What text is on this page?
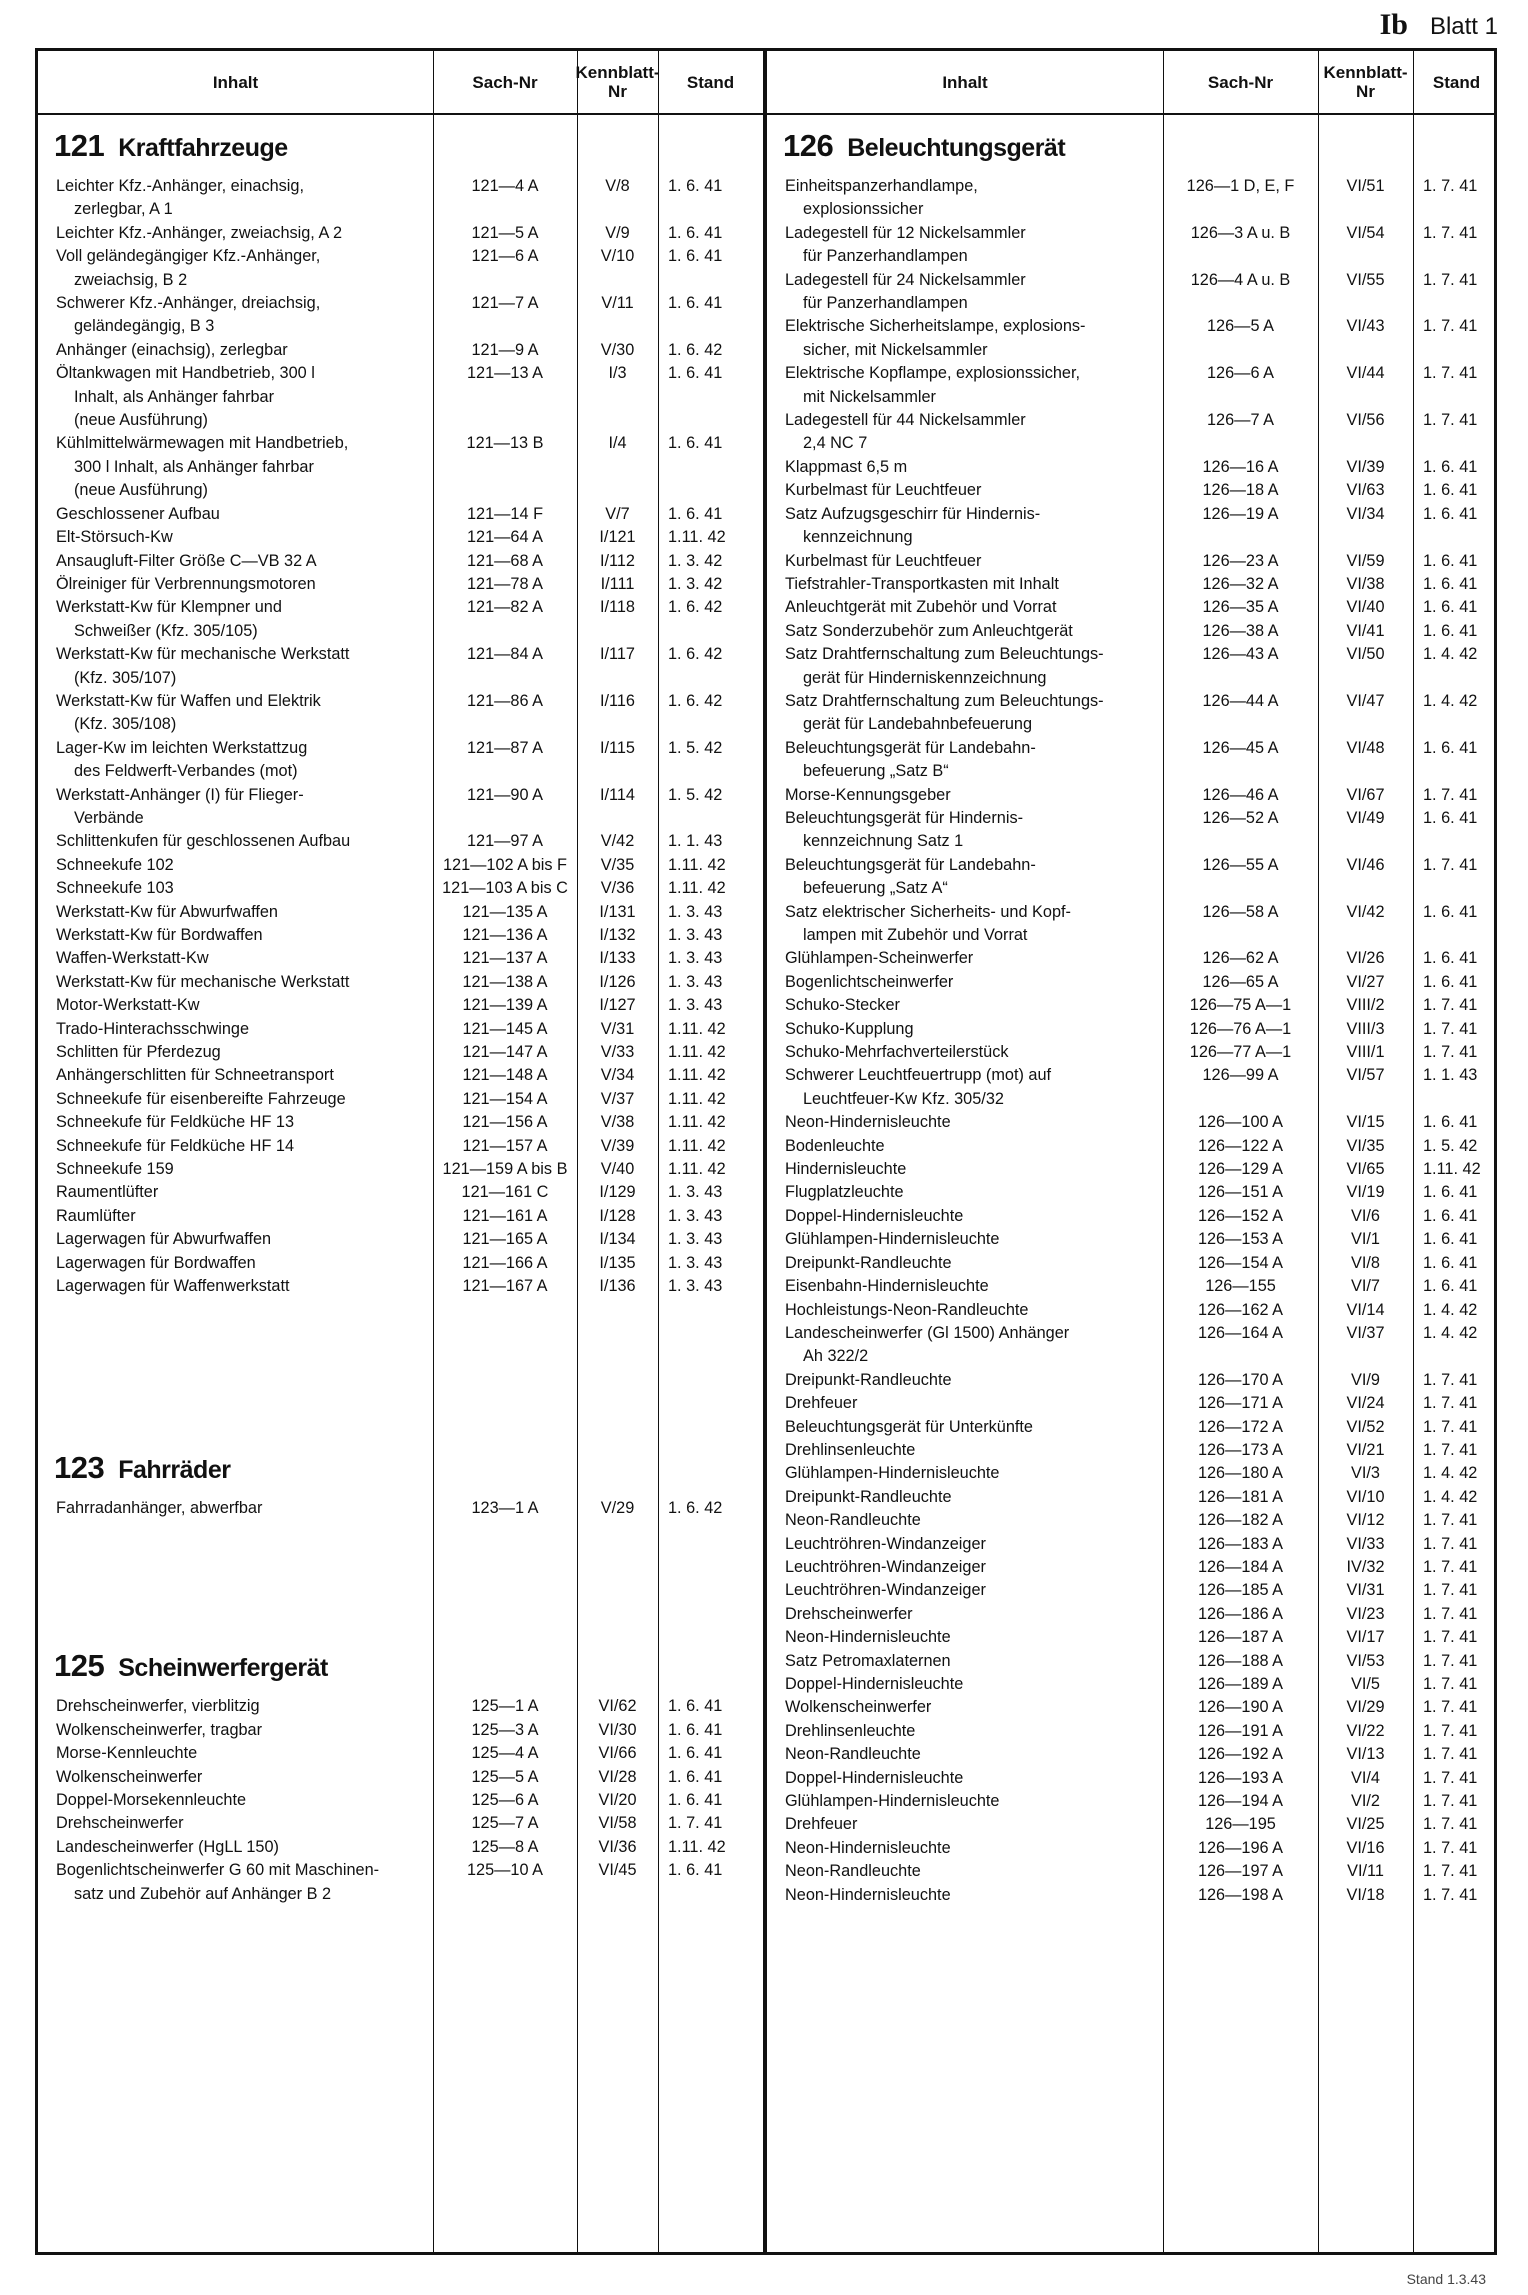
Ib Blatt 1
Inhalt	Sach-Nr	Kennblatt-Nr	Stand	Inhalt	Sach-Nr	Kennblatt-Nr	Stand
121 Kraftfahrzeuge
Leichter Kfz.-Anhänger, einachsig,
zerlegbar, A 1
121—4 A	V/8	1. 6. 41
Leichter Kfz.-Anhänger, zweiachsig, A 2	121—5 A	V/9	1. 6. 41
Voll geländegängiger Kfz.-Anhänger,
zweiachsig, B 2
121—6 A	V/10	1. 6. 41
Schwerer Kfz.-Anhänger, dreiachsig,
geländegängig, B 3
121—7 A	V/11	1. 6. 41
Anhänger (einachsig), zerlegbar	121—9 A	V/30	1. 6. 42
Öltankwagen mit Handbetrieb, 300 l
Inhalt, als Anhänger fahrbar
(neue Ausführung)
121—13 A	I/3	1. 6. 41
Kühlmittelwärmewagen mit Handbetrieb,
300 l Inhalt, als Anhänger fahrbar
(neue Ausführung)
121—13 B	I/4	1. 6. 41
Geschlossener Aufbau	121—14 F	V/7	1. 6. 41
Elt-Störsuch-Kw	121—64 A	I/121	1.11. 42
Ansaugluft-Filter Größe C—VB 32 A	121—68 A	I/112	1. 3. 42
Ölreiniger für Verbrennungsmotoren	121—78 A	I/111	1. 3. 42
Werkstatt-Kw für Klempner und
Schweißer (Kfz. 305/105)
121—82 A	I/118	1. 6. 42
Werkstatt-Kw für mechanische Werkstatt
(Kfz. 305/107)
121—84 A	I/117	1. 6. 42
Werkstatt-Kw für Waffen und Elektrik
(Kfz. 305/108)
121—86 A	I/116	1. 6. 42
Lager-Kw im leichten Werkstattzug
des Feldwerft-Verbandes (mot)
121—87 A	I/115	1. 5. 42
Werkstatt-Anhänger (I) für Flieger-
Verbände
121—90 A	I/114	1. 5. 42
Schlittenkufen für geschlossenen Aufbau	121—97 A	V/42	1. 1. 43
Schneekufe 102	121—102 A bis F	V/35	1.11. 42
Schneekufe 103	121—103 A bis C	V/36	1.11. 42
Werkstatt-Kw für Abwurfwaffen	121—135 A	I/131	1. 3. 43
Werkstatt-Kw für Bordwaffen	121—136 A	I/132	1. 3. 43
Waffen-Werkstatt-Kw	121—137 A	I/133	1. 3. 43
Werkstatt-Kw für mechanische Werkstatt	121—138 A	I/126	1. 3. 43
Motor-Werkstatt-Kw	121—139 A	I/127	1. 3. 43
Trado-Hinterachsschwinge	121—145 A	V/31	1.11. 42
Schlitten für Pferdezug	121—147 A	V/33	1.11. 42
Anhängerschlitten für Schneetransport	121—148 A	V/34	1.11. 42
Schneekufe für eisenbereifte Fahrzeuge	121—154 A	V/37	1.11. 42
Schneekufe für Feldküche HF 13	121—156 A	V/38	1.11. 42
Schneekufe für Feldküche HF 14	121—157 A	V/39	1.11. 42
Schneekufe 159	121—159 A bis B	V/40	1.11. 42
Raumentlüfter	121—161 C	I/129	1. 3. 43
Raumlüfter	121—161 A	I/128	1. 3. 43
Lagerwagen für Abwurfwaffen	121—165 A	I/134	1. 3. 43
Lagerwagen für Bordwaffen	121—166 A	I/135	1. 3. 43
Lagerwagen für Waffenwerkstatt	121—167 A	I/136	1. 3. 43
123 Fahrräder
Fahrradanhänger, abwerfbar	123—1 A	V/29	1. 6. 42
125 Scheinwerfergerät
Drehscheinwerfer, vierblitzig	125—1 A	VI/62	1. 6. 41
Wolkenscheinwerfer, tragbar	125—3 A	VI/30	1. 6. 41
Morse-Kennleuchte	125—4 A	VI/66	1. 6. 41
Wolkenscheinwerfer	125—5 A	VI/28	1. 6. 41
Doppel-Morsekennleuchte	125—6 A	VI/20	1. 6. 41
Drehscheinwerfer	125—7 A	VI/58	1. 7. 41
Landescheinwerfer (HgLL 150)	125—8 A	VI/36	1.11. 42
Bogenlichtscheinwerfer G 60 mit Maschinen-
satz und Zubehör auf Anhänger B 2
125—10 A	VI/45	1. 6. 41
126 Beleuchtungsgerät
Einheitspanzerhandlampe,
explosionssicher
126—1 D, E, F	VI/51	1. 7. 41
Ladegestell für 12 Nickelsammler
für Panzerhandlampen
126—3 A u. B	VI/54	1. 7. 41
Ladegestell für 24 Nickelsammler
für Panzerhandlampen
126—4 A u. B	VI/55	1. 7. 41
Elektrische Sicherheitslampe, explosions-
sicher, mit Nickelsammler
126—5 A	VI/43	1. 7. 41
Elektrische Kopflampe, explosionssicher,
mit Nickelsammler
126—6 A	VI/44	1. 7. 41
Ladegestell für 44 Nickelsammler
2,4 NC 7
126—7 A	VI/56	1. 7. 41
Klappmast 6,5 m	126—16 A	VI/39	1. 6. 41
Kurbelmast für Leuchtfeuer	126—18 A	VI/63	1. 6. 41
Satz Aufzugsgeschirr für Hindernis-
kennzeichnung
126—19 A	VI/34	1. 6. 41
Kurbelmast für Leuchtfeuer	126—23 A	VI/59	1. 6. 41
Tiefstrahler-Transportkasten mit Inhalt	126—32 A	VI/38	1. 6. 41
Anleuchtgerät mit Zubehör und Vorrat	126—35 A	VI/40	1. 6. 41
Satz Sonderzubehör zum Anleuchtgerät	126—38 A	VI/41	1. 6. 41
Satz Drahtfernschaltung zum Beleuchtungs-
gerät für Hinderniskennzeichnung
126—43 A	VI/50	1. 4. 42
Satz Drahtfernschaltung zum Beleuchtungs-
gerät für Landebahnbefeuerung
126—44 A	VI/47	1. 4. 42
Beleuchtungsgerät für Landebahn-
befeuerung „Satz B“
126—45 A	VI/48	1. 6. 41
Morse-Kennungsgeber	126—46 A	VI/67	1. 7. 41
Beleuchtungsgerät für Hindernis-
kennzeichnung Satz 1
126—52 A	VI/49	1. 6. 41
Beleuchtungsgerät für Landebahn-
befeuerung „Satz A“
126—55 A	VI/46	1. 7. 41
Satz elektrischer Sicherheits- und Kopf-
lampen mit Zubehör und Vorrat
126—58 A	VI/42	1. 6. 41
Glühlampen-Scheinwerfer	126—62 A	VI/26	1. 6. 41
Bogenlichtscheinwerfer	126—65 A	VI/27	1. 6. 41
Schuko-Stecker	126—75 A—1	VIII/2	1. 7. 41
Schuko-Kupplung	126—76 A—1	VIII/3	1. 7. 41
Schuko-Mehrfachverteilerstück	126—77 A—1	VIII/1	1. 7. 41
Schwerer Leuchtfeuertrupp (mot) auf
Leuchtfeuer-Kw Kfz. 305/32
126—99 A	VI/57	1. 1. 43
Neon-Hindernisleuchte	126—100 A	VI/15	1. 6. 41
Bodenleuchte	126—122 A	VI/35	1. 5. 42
Hindernisleuchte	126—129 A	VI/65	1.11. 42
Flugplatzleuchte	126—151 A	VI/19	1. 6. 41
Doppel-Hindernisleuchte	126—152 A	VI/6	1. 6. 41
Glühlampen-Hindernisleuchte	126—153 A	VI/1	1. 6. 41
Dreipunkt-Randleuchte	126—154 A	VI/8	1. 6. 41
Eisenbahn-Hindernisleuchte	126—155	VI/7	1. 6. 41
Hochleistungs-Neon-Randleuchte	126—162 A	VI/14	1. 4. 42
Landescheinwerfer (Gl 1500) Anhänger
Ah 322/2
126—164 A	VI/37	1. 4. 42
Dreipunkt-Randleuchte	126—170 A	VI/9	1. 7. 41
Drehfeuer	126—171 A	VI/24	1. 7. 41
Beleuchtungsgerät für Unterkünfte	126—172 A	VI/52	1. 7. 41
Drehlinsenleuchte	126—173 A	VI/21	1. 7. 41
Glühlampen-Hindernisleuchte	126—180 A	VI/3	1. 4. 42
Dreipunkt-Randleuchte	126—181 A	VI/10	1. 4. 42
Neon-Randleuchte	126—182 A	VI/12	1. 7. 41
Leuchtröhren-Windanzeiger	126—183 A	VI/33	1. 7. 41
Leuchtröhren-Windanzeiger	126—184 A	IV/32	1. 7. 41
Leuchtröhren-Windanzeiger	126—185 A	VI/31	1. 7. 41
Drehscheinwerfer	126—186 A	VI/23	1. 7. 41
Neon-Hindernisleuchte	126—187 A	VI/17	1. 7. 41
Satz Petromaxlaternen	126—188 A	VI/53	1. 7. 41
Doppel-Hindernisleuchte	126—189 A	VI/5	1. 7. 41
Wolkenscheinwerfer	126—190 A	VI/29	1. 7. 41
Drehlinsenleuchte	126—191 A	VI/22	1. 7. 41
Neon-Randleuchte	126—192 A	VI/13	1. 7. 41
Doppel-Hindernisleuchte	126—193 A	VI/4	1. 7. 41
Glühlampen-Hindernisleuchte	126—194 A	VI/2	1. 7. 41
Drehfeuer	126—195	VI/25	1. 7. 41
Neon-Hindernisleuchte	126—196 A	VI/16	1. 7. 41
Neon-Randleuchte	126—197 A	VI/11	1. 7. 41
Neon-Hindernisleuchte	126—198 A	VI/18	1. 7. 41
Stand 1.3.43
